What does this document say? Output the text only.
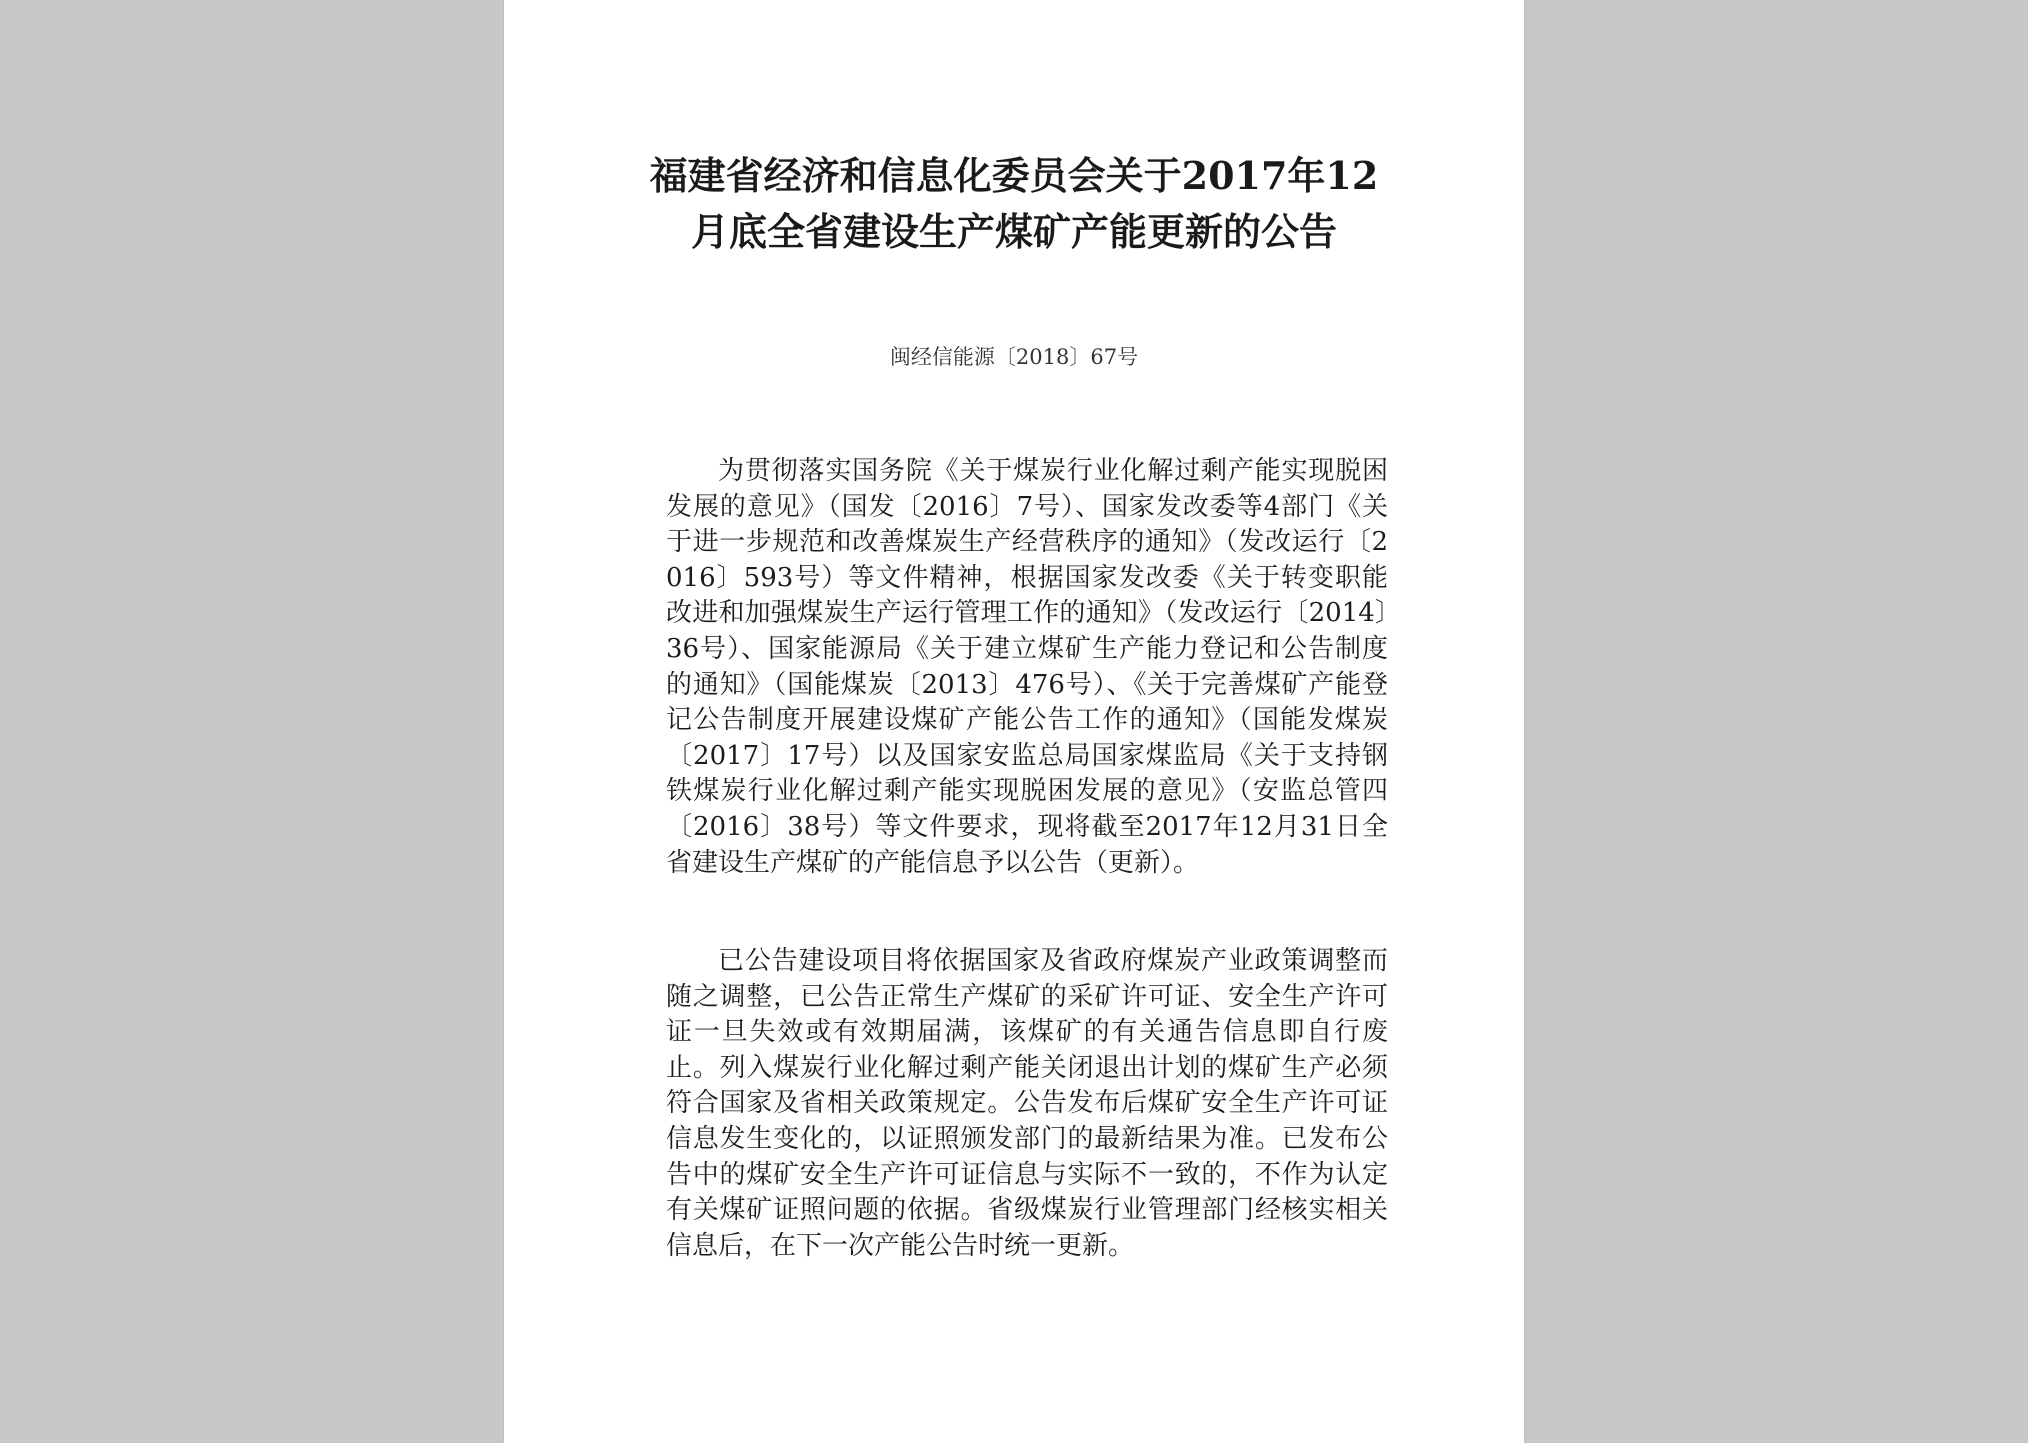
福建省经济和信息化委员会关于2017年12
月底全省建设生产煤矿产能更新的公告

闽经信能源〔2018〕67号

为贯彻落实国务院《关于煤炭行业化解过剩产能实现脱困发展的意见》（国发〔2016〕7号）、国家发改委等4部门《关于进一步规范和改善煤炭生产经营秩序的通知》（发改运行〔2016〕593号）等文件精神，根据国家发改委《关于转变职能改进和加强煤炭生产运行管理工作的通知》（发改运行〔2014〕36号）、国家能源局《关于建立煤矿生产能力登记和公告制度的通知》（国能煤炭〔2013〕476号）、《关于完善煤矿产能登记公告制度开展建设煤矿产能公告工作的通知》（国能发煤炭〔2017〕17号）以及国家安监总局国家煤监局《关于支持钢铁煤炭行业化解过剩产能实现脱困发展的意见》（安监总管四〔2016〕38号）等文件要求，现将截至2017年12月31日全省建设生产煤矿的产能信息予以公告（更新）。

已公告建设项目将依据国家及省政府煤炭产业政策调整而随之调整，已公告正常生产煤矿的采矿许可证、安全生产许可证一旦失效或有效期届满，该煤矿的有关通告信息即自行废止。列入煤炭行业化解过剩产能关闭退出计划的煤矿生产必须符合国家及省相关政策规定。公告发布后煤矿安全生产许可证信息发生变化的，以证照颁发部门的最新结果为准。已发布公告中的煤矿安全生产许可证信息与实际不一致的，不作为认定有关煤矿证照问题的依据。省级煤炭行业管理部门经核实相关信息后，在下一次产能公告时统一更新。
